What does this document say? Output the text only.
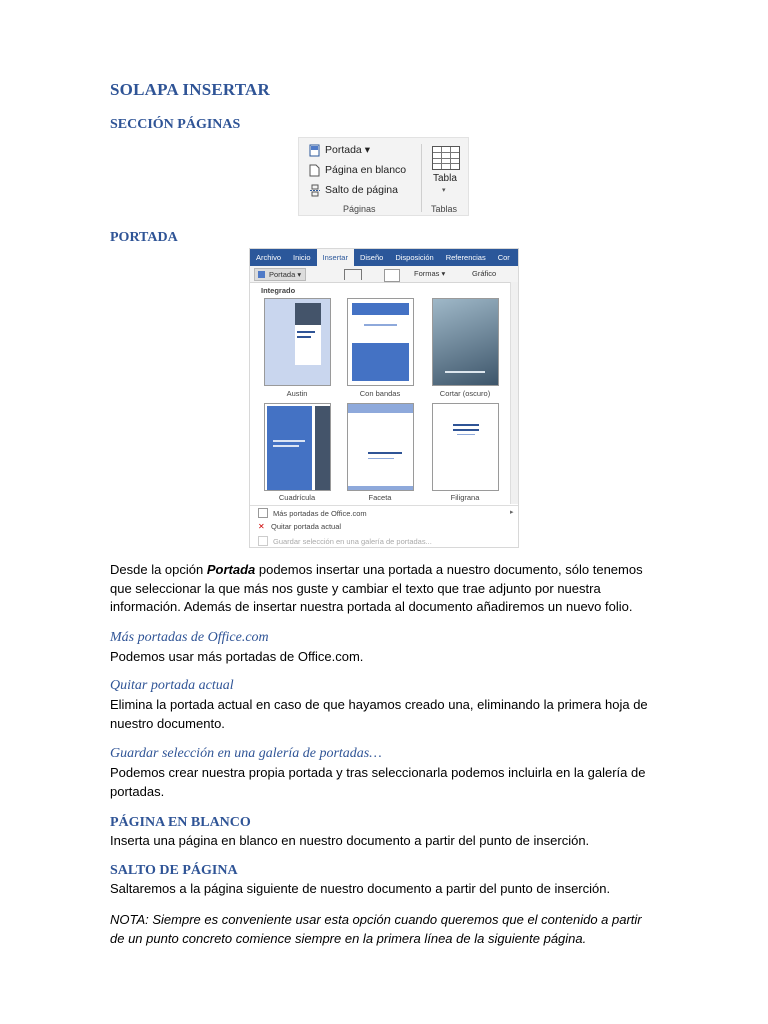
SOLAPA INSERTAR
SECCIÓN PÁGINAS
Portada ▾
Página en blanco
Salto de página
Páginas
Tabla
▾
Tablas
PORTADA
Archivo	Inicio	Insertar	Diseño	Disposición	Referencias	Cor
Portada ▾	Formas ▾	Gráfico
Integrado
Austin	Con bandas	Cortar (oscuro)
Cuadrícula	Faceta	Filigrana
Más portadas de Office.com	▸
✕ Quitar portada actual
Guardar selección en una galería de portadas...
Desde la opción Portada podemos insertar una portada a nuestro documento, sólo tenemos que seleccionar la que más nos guste y cambiar el texto que trae adjunto por nuestra información. Además de insertar nuestra portada al documento añadiremos un nuevo folio.
Más portadas de Office.com
Podemos usar más portadas de Office.com.
Quitar portada actual
Elimina la portada actual en caso de que hayamos creado una, eliminando la primera hoja de nuestro documento.
Guardar selección en una galería de portadas…
Podemos crear nuestra propia portada y tras seleccionarla podemos incluirla en la galería de portadas.
PÁGINA EN BLANCO
Inserta una página en blanco en nuestro documento a partir del punto de inserción.
SALTO DE PÁGINA
Saltaremos a la página siguiente de nuestro documento a partir del punto de inserción.
NOTA: Siempre es conveniente usar esta opción cuando queremos que el contenido a partir de un punto concreto comience siempre en la primera línea de la siguiente página.
